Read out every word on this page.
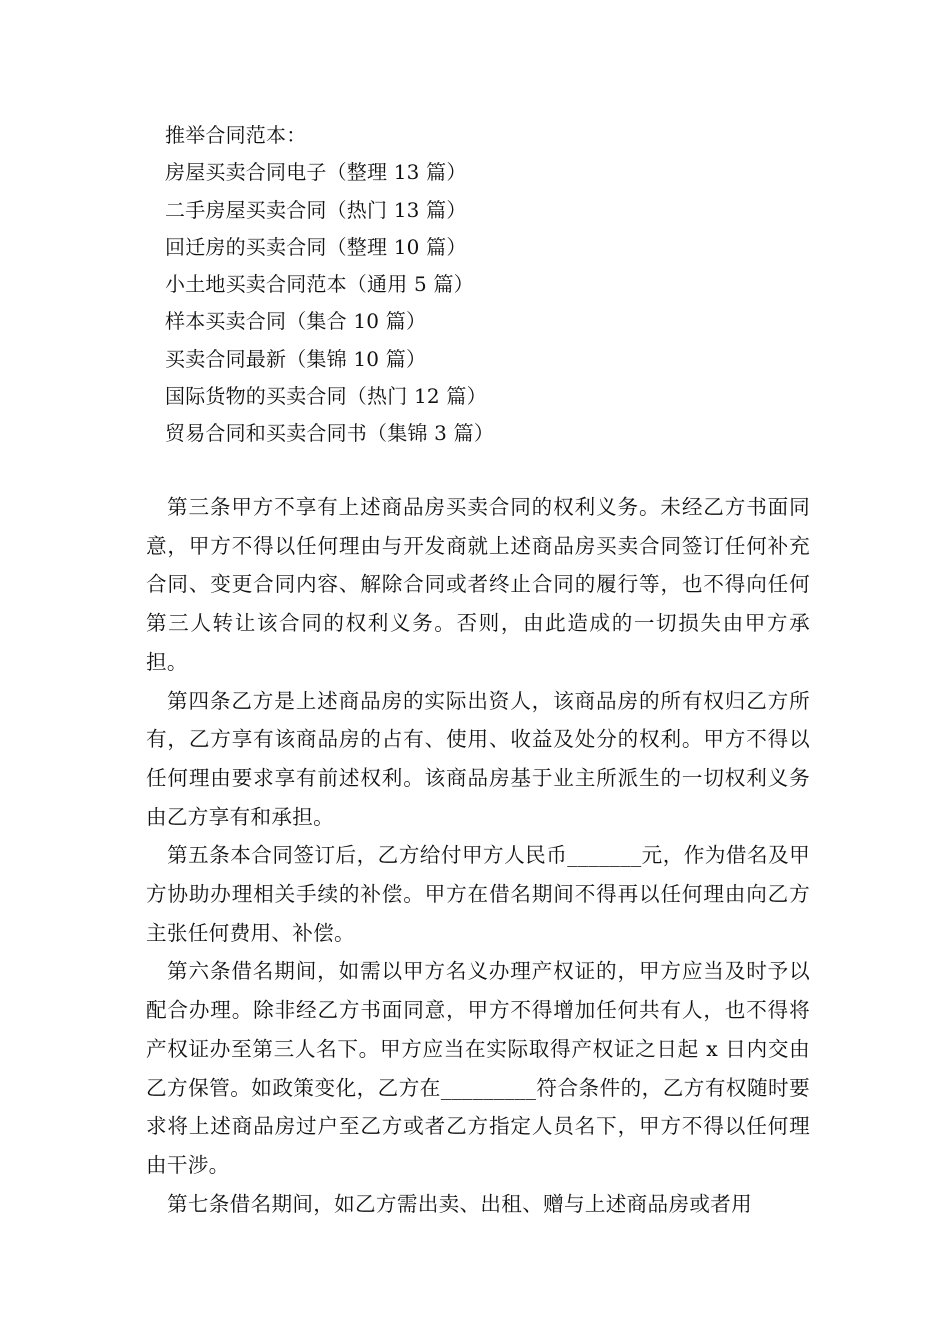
推举合同范本：
房屋买卖合同电子（整理 13 篇）
二手房屋买卖合同（热门 13 篇）
回迁房的买卖合同（整理 10 篇）
小土地买卖合同范本（通用 5 篇）
样本买卖合同（集合 10 篇）
买卖合同最新（集锦 10 篇）
国际货物的买卖合同（热门 12 篇）
贸易合同和买卖合同书（集锦 3 篇）

第三条甲方不享有上述商品房买卖合同的权利义务。未经乙方书面同意，甲方不得以任何理由与开发商就上述商品房买卖合同签订任何补充合同、变更合同内容、解除合同或者终止合同的履行等，也不得向任何第三人转让该合同的权利义务。否则，由此造成的一切损失由甲方承担。

第四条乙方是上述商品房的实际出资人，该商品房的所有权归乙方所有，乙方享有该商品房的占有、使用、收益及处分的权利。甲方不得以任何理由要求享有前述权利。该商品房基于业主所派生的一切权利义务由乙方享有和承担。

第五条本合同签订后，乙方给付甲方人民币_______元，作为借名及甲方协助办理相关手续的补偿。甲方在借名期间不得再以任何理由向乙方主张任何费用、补偿。

第六条借名期间，如需以甲方名义办理产权证的，甲方应当及时予以配合办理。除非经乙方书面同意，甲方不得增加任何共有人，也不得将产权证办至第三人名下。甲方应当在实际取得产权证之日起 x 日内交由乙方保管。如政策变化，乙方在_________符合条件的，乙方有权随时要求将上述商品房过户至乙方或者乙方指定人员名下，甲方不得以任何理由干涉。

第七条借名期间，如乙方需出卖、出租、赠与上述商品房或者用
